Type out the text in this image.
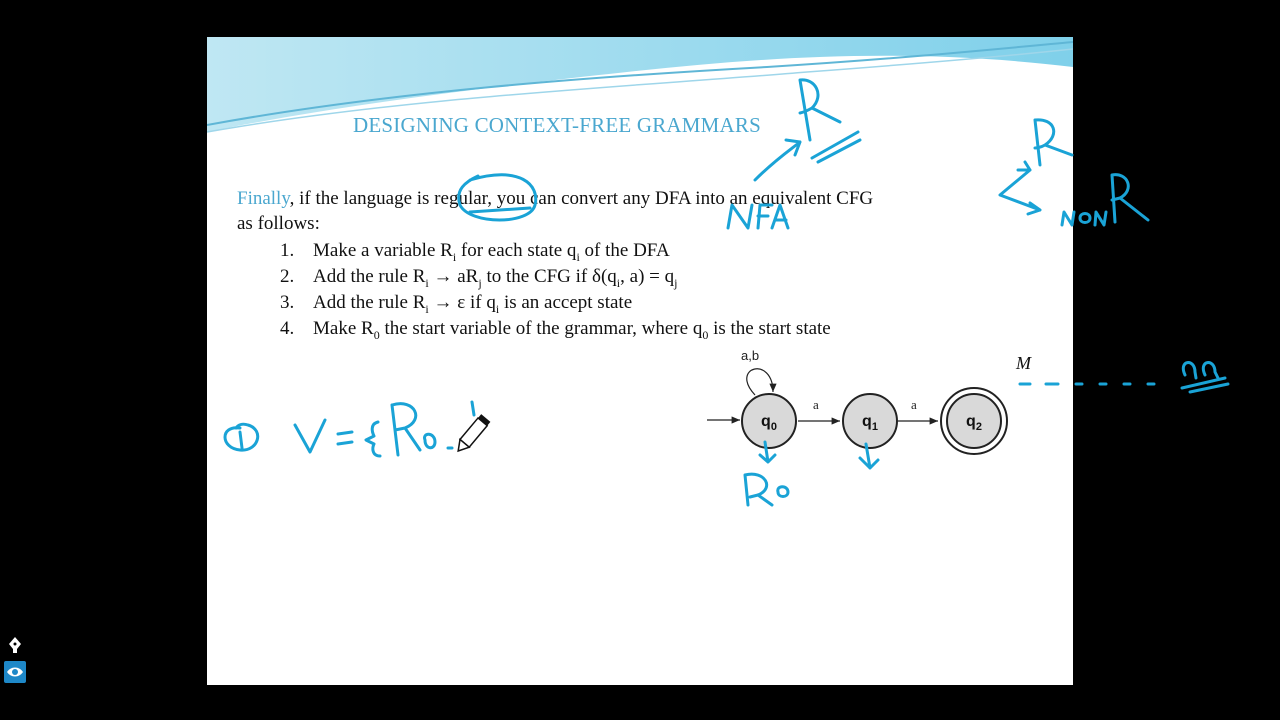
DESIGNING CONTEXT-FREE GRAMMARS
Finally, if the language is regular, you can convert any DFA into an equivalent CFG
as follows:
1. Make a variable $R_i$ for each state $q_i$ of the DFA
2. Add the rule $R_i \to aR_j$ to the CFG if $\delta(q_i$, $a) = q_j$
3. Add the rule $R_i \to \varepsilon$ if $q_i$ is an accept state
4. Make $R_0$ the start variable of the grammar, where $q_0$ is the start state
M
a,b
a	a
$q_0$	$q_1$	$q_2$
